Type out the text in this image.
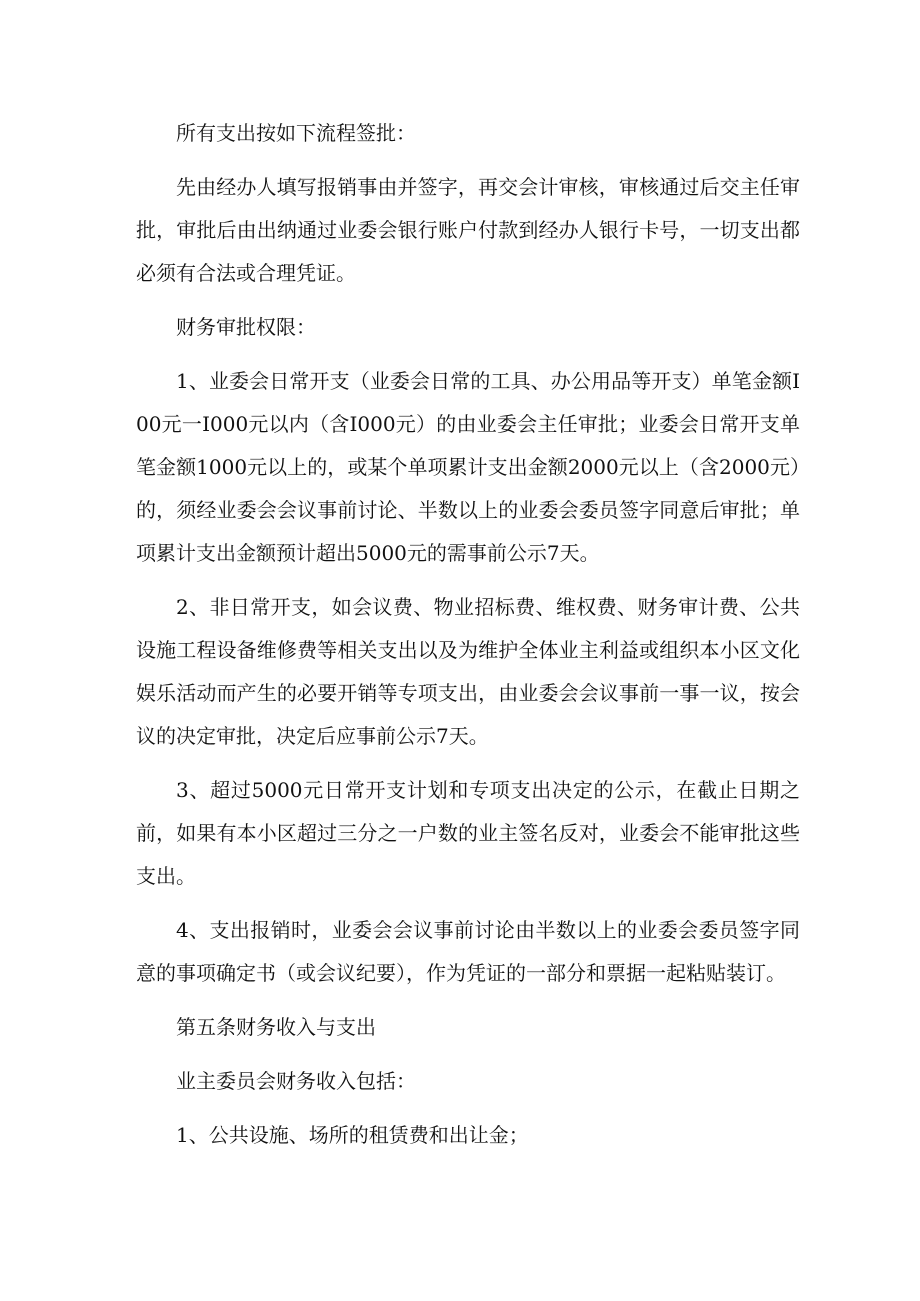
所有支出按如下流程签批：

先由经办人填写报销事由并签字，再交会计审核，审核通过后交主任审批，审批后由出纳通过业委会银行账户付款到经办人银行卡号，一切支出都必须有合法或合理凭证。

财务审批权限：

1、业委会日常开支（业委会日常的工具、办公用品等开支）单笔金额I00元一I000元以内（含I000元）的由业委会主任审批；业委会日常开支单笔金额1000元以上的，或某个单项累计支出金额2000元以上（含2000元）的，须经业委会会议事前讨论、半数以上的业委会委员签字同意后审批；单项累计支出金额预计超出5000元的需事前公示7天。

2、非日常开支，如会议费、物业招标费、维权费、财务审计费、公共设施工程设备维修费等相关支出以及为维护全体业主利益或组织本小区文化娱乐活动而产生的必要开销等专项支出，由业委会会议事前一事一议，按会议的决定审批，决定后应事前公示7天。

3、超过5000元日常开支计划和专项支出决定的公示，在截止日期之前，如果有本小区超过三分之一户数的业主签名反对，业委会不能审批这些支出。

4、支出报销时，业委会会议事前讨论由半数以上的业委会委员签字同意的事项确定书（或会议纪要），作为凭证的一部分和票据一起粘贴装订。

第五条财务收入与支出

业主委员会财务收入包括：

1、公共设施、场所的租赁费和出让金；
